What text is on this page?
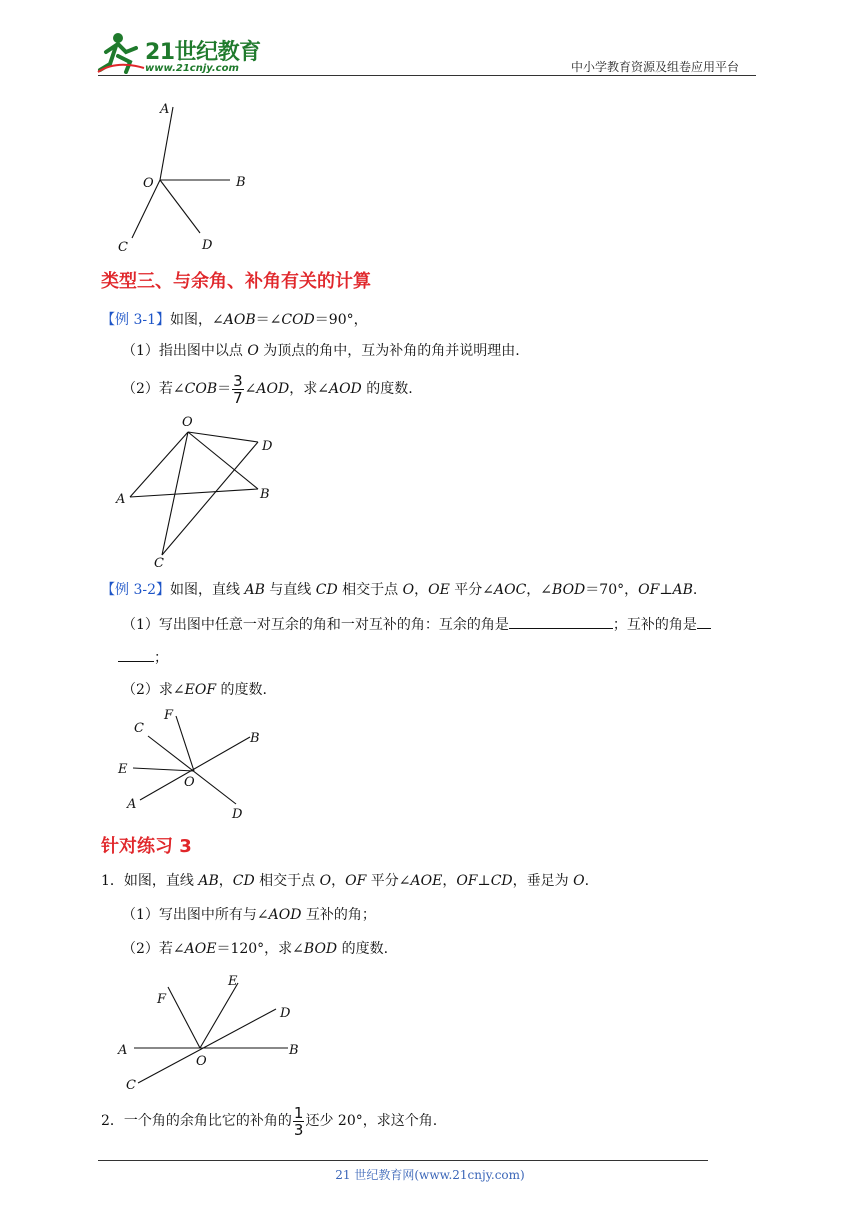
21世纪教育
www.21cnjy.com	中小学教育资源及组卷应用平台
A
O	B
C	D
类型三、与余角、补角有关的计算
【例 3-1】如图，∠AOB＝∠COD＝90°，
（1）指出图中以点 O 为顶点的角中，互为补角的角并说明理由.
（2）若∠COB＝ $\frac{3}{7}$ ∠AOD，求∠AOD 的度数.
O
D
A	B
C
【例 3-2】如图，直线 AB 与直线 CD 相交于点 O，OE 平分∠AOC，∠BOD＝70°，OF⊥AB.
（1）写出图中任意一对互余的角和一对互补的角：互余的角是	；互补的角是
；
（2）求∠EOF 的度数.
C
F
B
E
O
A
D
针对练习 3
1．如图，直线 AB，CD 相交于点 O，OF 平分∠AOE，OF⊥CD，垂足为 O.
（1）写出图中所有与∠AOD 互补的角；
（2）若∠AOE＝120°，求∠BOD 的度数.
E
F
D
A
O
B
C
2．一个角的余角比它的补角的 $\frac{1}{3}$ 还少 20°，求这个角.
21 世纪教育网(www.21cnjy.com)
